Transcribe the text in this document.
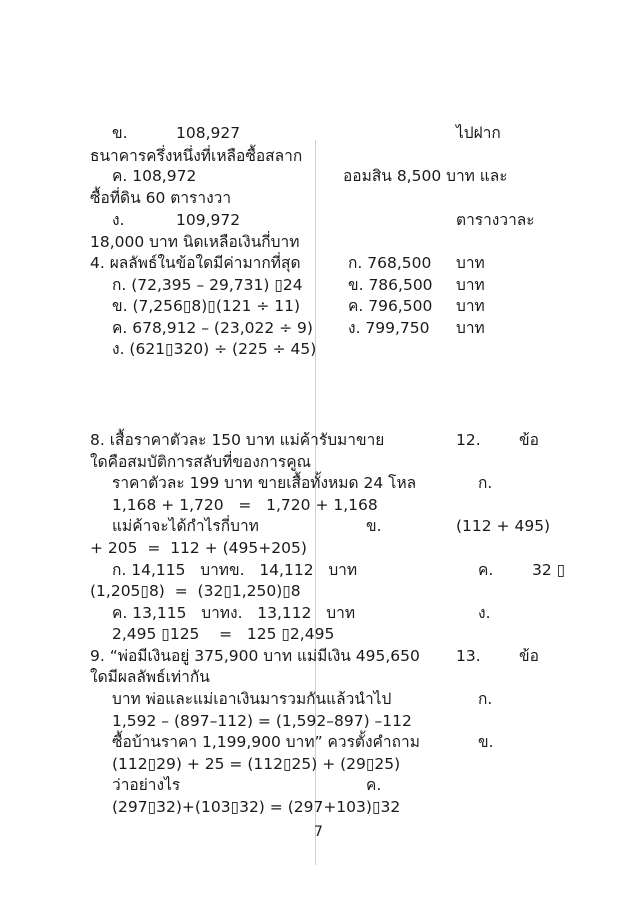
ข.	108,927	ไปฝาก
ธนาคารครึ่งหนึ่งที่เหลือซื้อสลาก
ค. 108,972	ออมสิน 8,500 บาท และ
ซื้อที่ดิน 60 ตารางวา
ง.	109,972	ตารางวาละ
18,000 บาท นิดเหลือเงินกี่บาท
4. ผลลัพธ์ในข้อใดมีค่ามากที่สุด	ก. 768,500 บาท
ก. (72,395 – 29,731) ▯24	ข. 786,500 บาท
ข. (7,256▯8)▯(121 ÷ 11)	ค. 796,500 บาท
ค. 678,912 – (23,022 ÷ 9) ง. 799,750 บาท
ง. (621▯320) ÷ (225 ÷ 45)
8. เสื้อราคาตัวละ 150 บาท แม่ค้ารับมาขาย	12. ข้อ
ใดคือสมบัติการสลับที่ของการคูณ
ราคาตัวละ 199 บาท ขายเสื้อทั้งหมด 24 โหล	ก.
1,168 + 1,720   =   1,720 + 1,168
แม่ค้าจะได้กำไรกี่บาท	ข.	(112 + 495)
+ 205  =  112 + (495+205)
ก. 14,115   บาทข.   14,112   บาท	ค. 32 ▯
(1,205▯8)  =  (32▯1,250)▯8
ค. 13,115   บาทง.   13,112   บาท	ง.
2,495 ▯125    =   125 ▯2,495
9. “พ่อมีเงินอยู่ 375,900 บาท แม่มีเงิน 495,650 13. ข้อ
ใดมีผลลัพธ์เท่ากัน
บาท พ่อและแม่เอาเงินมารวมกันแล้วนำไป	ก.
1,592 – (897–112) = (1,592–897) –112
ซื้อบ้านราคา 1,199,900 บาท” ควรตั้งคำถาม	ข.
(112▯29) + 25 = (112▯25) + (29▯25)
ว่าอย่างไร	ค.
(297▯32)+(103▯32) = (297+103)▯32
7
